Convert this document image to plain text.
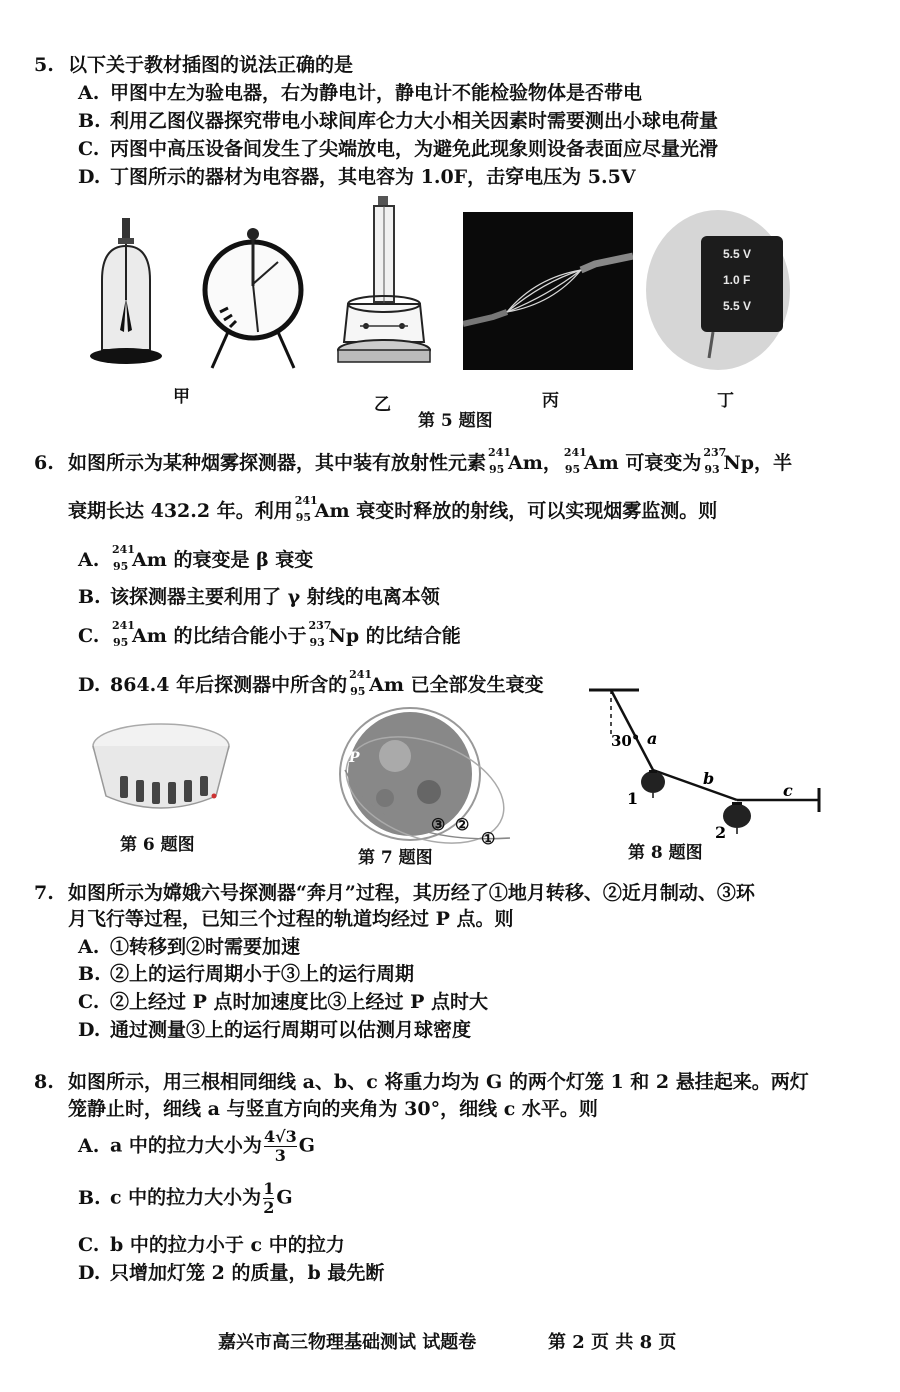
5. 以下关于教材插图的说法正确的是
A. 甲图中左为验电器，右为静电计，静电计不能检验物体是否带电
B. 利用乙图仪器探究带电小球间库仑力大小相关因素时需要测出小球电荷量
C. 丙图中高压设备间发生了尖端放电，为避免此现象则设备表面应尽量光滑
D. 丁图所示的器材为电容器，其电容为 1.0F，击穿电压为 5.5V
5.5 V
1.0 F
5.5 V
甲	乙	丙	丁
第 5 题图
6. 如图所示为某种烟雾探测器，其中装有放射性元素 241
95 Am， 241
95 Am 可衰变为 237
93 Np，半
衰期长达 432.2 年。利用 241
95 Am 衰变时释放的射线，可以实现烟雾监测。则
A. 241
95 Am 的衰变是 β 衰变
B. 该探测器主要利用了 γ 射线的电离本领
C. 241
95 Am 的比结合能小于 237
93 Np 的比结合能
D. 864.4 年后探测器中所含的 241
95 Am 已全部发生衰变
第 6 题图
P
③ ②
①
第 7 题图
30° a
b
c
1
2
第 8 题图
7. 如图所示为嫦娥六号探测器“奔月”过程，其历经了①地月转移、②近月制动、③环
月飞行等过程，已知三个过程的轨道均经过 P 点。则
A. ①转移到②时需要加速
B. ②上的运行周期小于③上的运行周期
C. ②上经过 P 点时加速度比③上经过 P 点时大
D. 通过测量③上的运行周期可以估测月球密度
8. 如图所示，用三根相同细线 a、b、c 将重力均为 G 的两个灯笼 1 和 2 悬挂起来。两灯
笼静止时，细线 a 与竖直方向的夹角为 30°，细线 c 水平。则
A. a 中的拉力大小为 $\frac{4√3}{3}$ G
B. c 中的拉力大小为 $\frac{1}{2}$ G
C. b 中的拉力小于 c 中的拉力
D. 只增加灯笼 2 的质量，b 最先断
嘉兴市高三物理基础测试 试题卷	第 2 页 共 8 页
